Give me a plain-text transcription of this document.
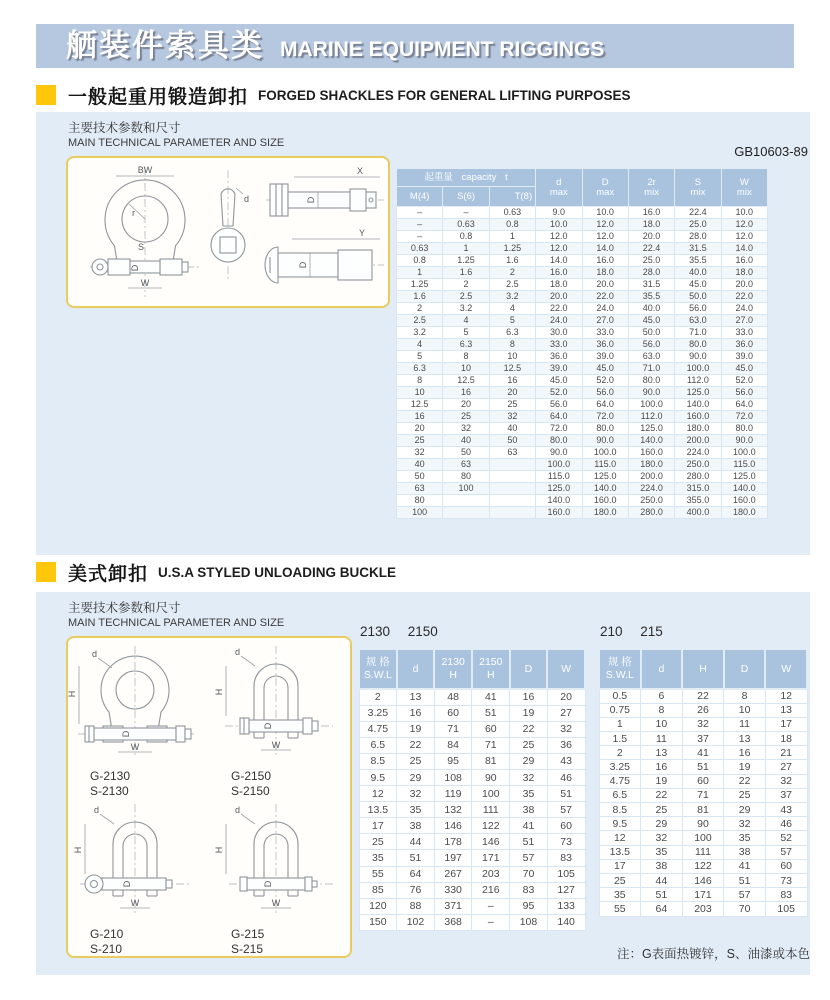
舾装件索具类 MARINE EQUIPMENT RIGGINGS
一般起重用锻造卸扣 FORGED SHACKLES FOR GENERAL LIFTING PURPOSES
主要技术参数和尺寸
MAIN TECHNICAL PARAMETER AND SIZE
GB10603-89
BW
r
S
D
W
d
X
D
Y
D
起重量 capacity t			d
max	D
max	2r
mix	S
mix	W
mix
M(4)	S(6)	T(8)					
–	–	0.63	9.0	10.0	16.0	22.4	10.0
–	0.63	0.8	10.0	12.0	18.0	25.0	12.0
–	0.8	1	12.0	12.0	20.0	28.0	12.0
0.63	1	1.25	12.0	14.0	22.4	31.5	14.0
0.8	1.25	1.6	14.0	16.0	25.0	35.5	16.0
1	1.6	2	16.0	18.0	28.0	40.0	18.0
1.25	2	2.5	18.0	20.0	31.5	45.0	20.0
1.6	2.5	3.2	20.0	22.0	35.5	50.0	22.0
2	3.2	4	22.0	24.0	40.0	56.0	24.0
2.5	4	5	24.0	27.0	45.0	63.0	27.0
3.2	5	6.3	30.0	33.0	50.0	71.0	33.0
4	6.3	8	33.0	36.0	56.0	80.0	36.0
5	8	10	36.0	39.0	63.0	90.0	39.0
6.3	10	12.5	39.0	45.0	71.0	100.0	45.0
8	12.5	16	45.0	52.0	80.0	112.0	52.0
10	16	20	52.0	56.0	90.0	125.0	56.0
12.5	20	25	56.0	64.0	100.0	140.0	64.0
16	25	32	64.0	72.0	112.0	160.0	72.0
20	32	40	72.0	80.0	125.0	180.0	80.0
25	40	50	80.0	90.0	140.0	200.0	90.0
32	50	63	90.0	100.0	160.0	224.0	100.0
40	63		100.0	115.0	180.0	250.0	115.0
50	80		115.0	125.0	200.0	280.0	125.0
63	100		125.0	140.0	224.0	315.0	140.0
80			140.0	160.0	250.0	355.0	160.0
100			160.0	180.0	280.0	400.0	180.0
美式卸扣 U.S.A STYLED UNLOADING BUCKLE
主要技术参数和尺寸
MAIN TECHNICAL PARAMETER AND SIZE
d
H
D
W
G-2130
S-2130
d
H
D
W
G-2150
S-2150
d
H
D
W
G-210
S-210
d
H
D
W
G-215
S-215
2130 2150
规 格
S.W.L	d	2130
H	2150
H	D	W
2	13	48	41	16	20
3.25	16	60	51	19	27
4.75	19	71	60	22	32
6.5	22	84	71	25	36
8.5	25	95	81	29	43
9.5	29	108	90	32	46
12	32	119	100	35	51
13.5	35	132	111	38	57
17	38	146	122	41	60
25	44	178	146	51	73
35	51	197	171	57	83
55	64	267	203	70	105
85	76	330	216	83	127
120	88	371	–	95	133
150	102	368	–	108	140
210 215
规 格
S.W.L	d	H	D	W
0.5	6	22	8	12
0.75	8	26	10	13
1	10	32	11	17
1.5	11	37	13	18
2	13	41	16	21
3.25	16	51	19	27
4.75	19	60	22	32
6.5	22	71	25	37
8.5	25	81	29	43
9.5	29	90	32	46
12	32	100	35	52
13.5	35	111	38	57
17	38	122	41	60
25	44	146	51	73
35	51	171	57	83
55	64	203	70	105
注：G表面热镀锌，S、油漆或本色
